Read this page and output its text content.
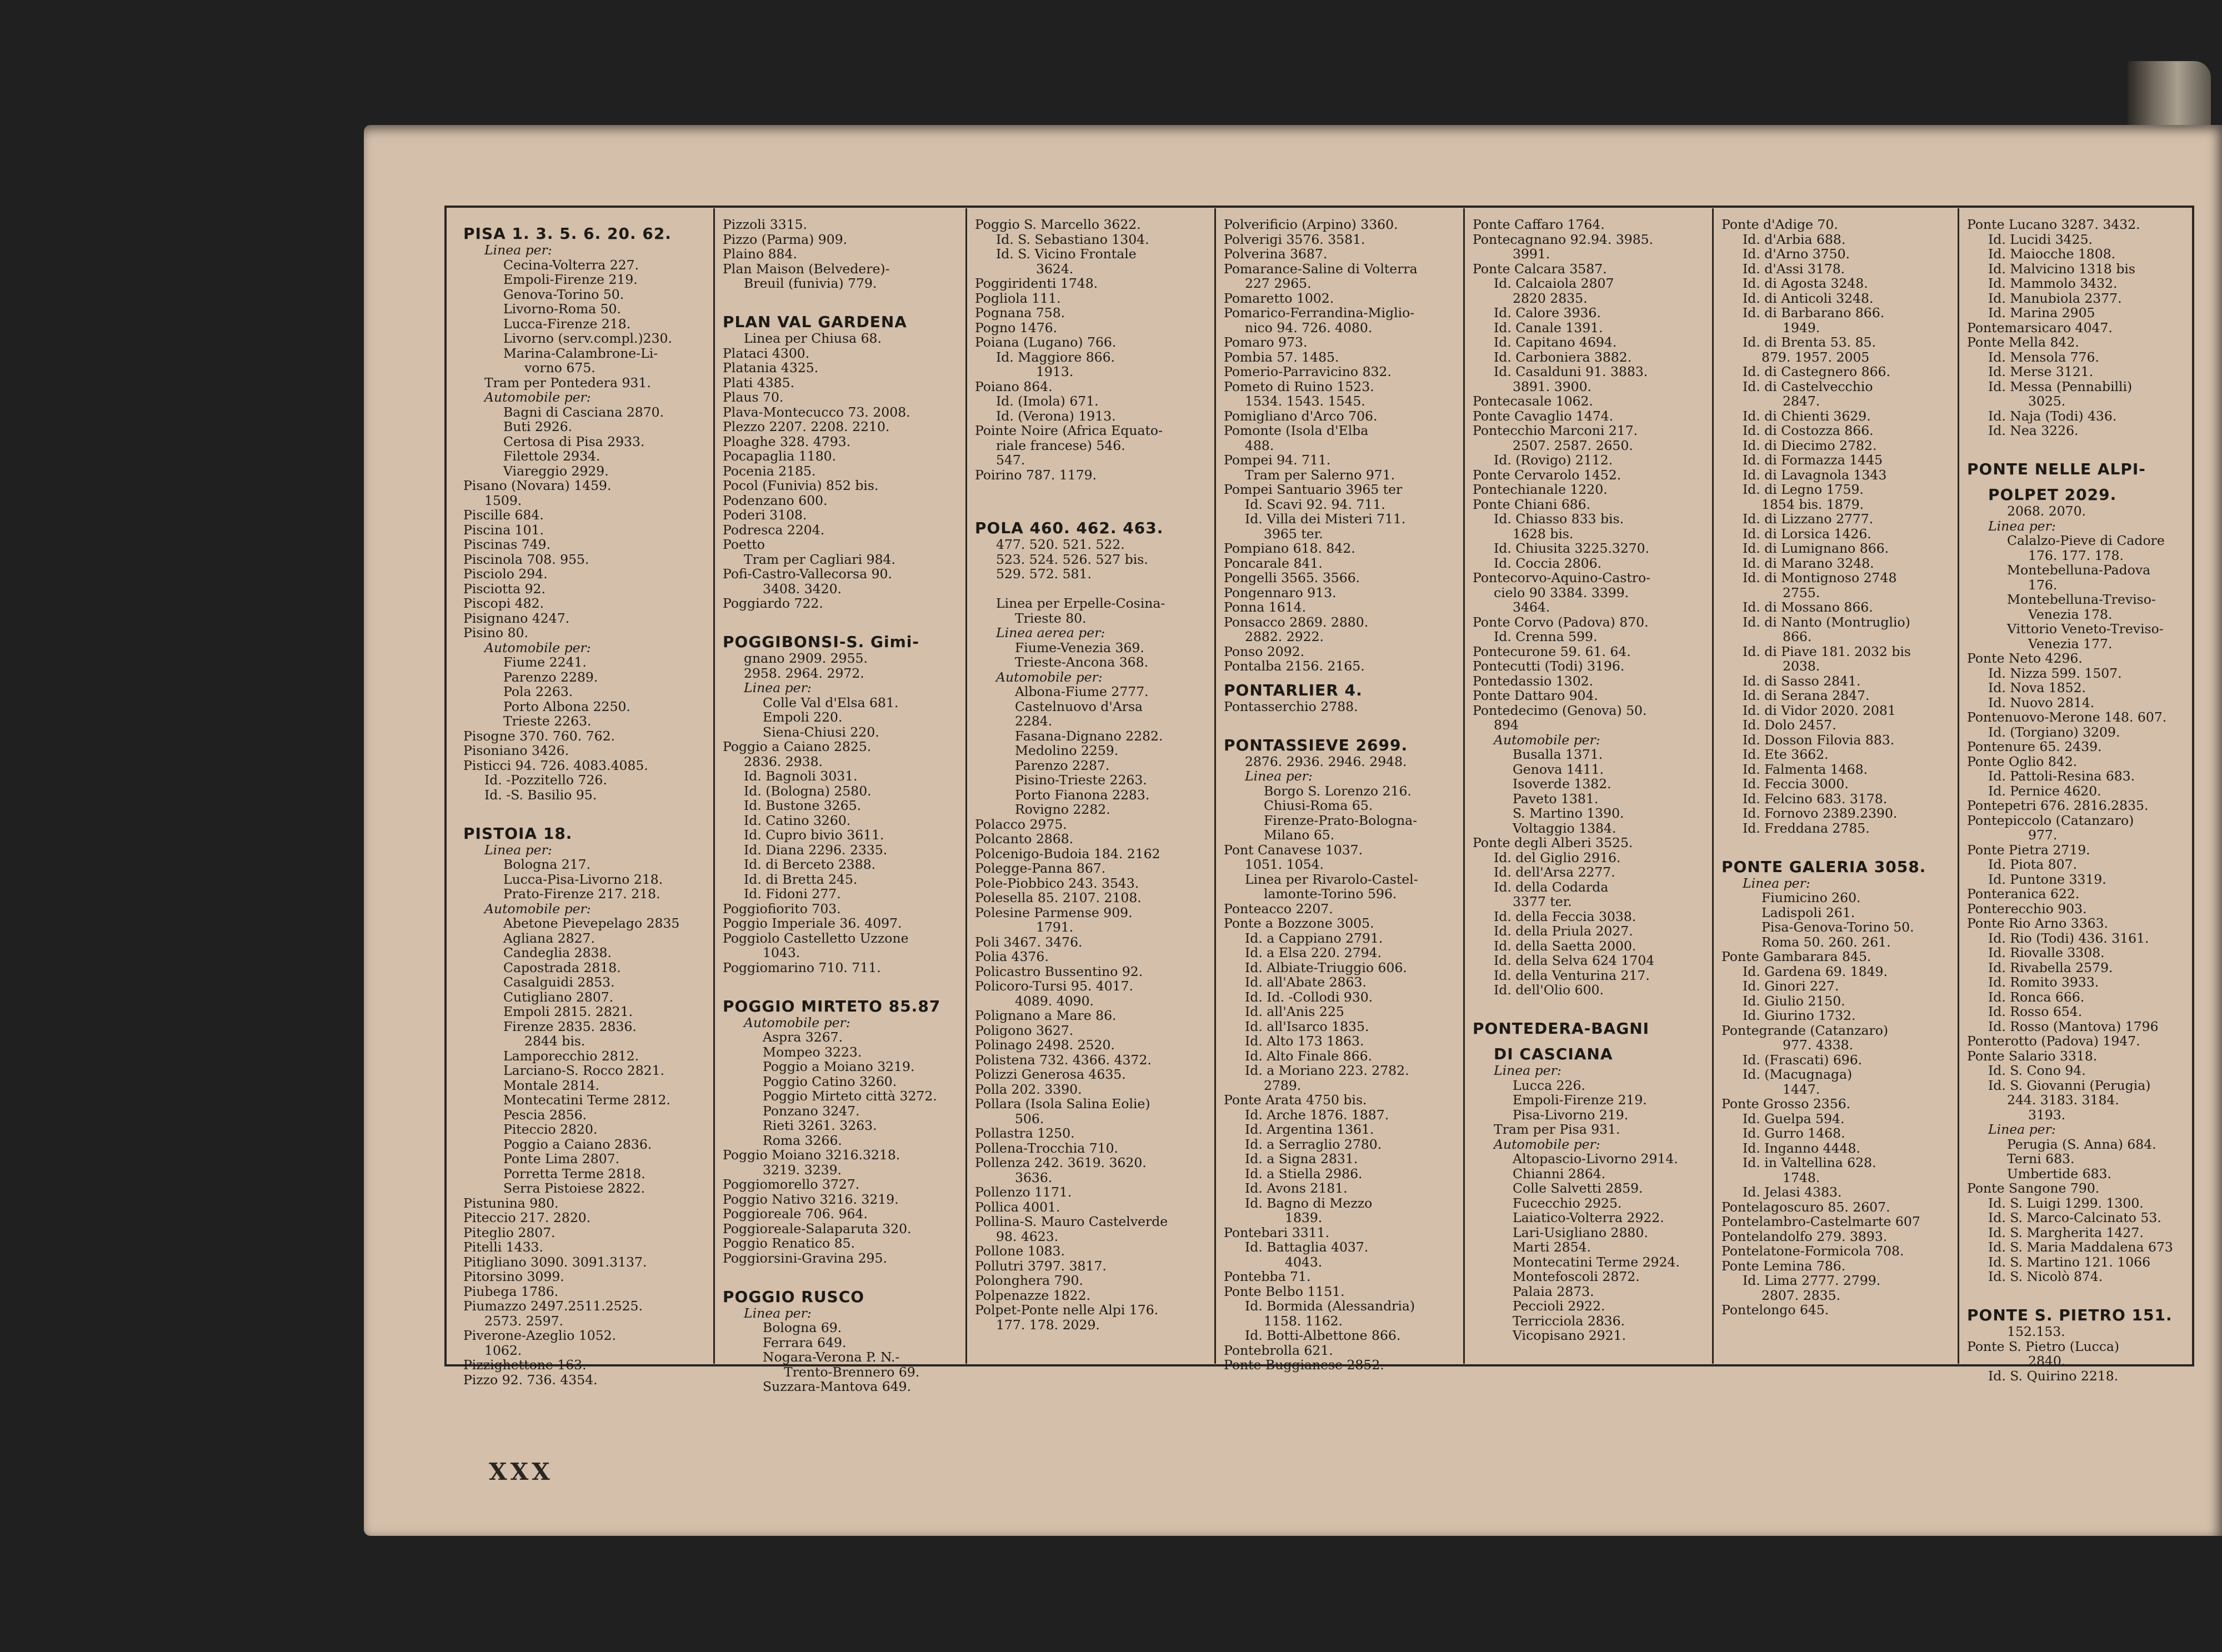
PISA 1. 3. 5. 6. 20. 62.
Linea per:
Cecina-Volterra 227.
Empoli-Firenze 219.
Genova-Torino 50.
Livorno-Roma 50.
Lucca-Firenze 218.
Livorno (serv.compl.)230.
Marina-Calambrone-Li-
vorno 675.
Tram per Pontedera 931.
Automobile per:
Bagni di Casciana 2870.
Buti 2926.
Certosa di Pisa 2933.
Filettole 2934.
Viareggio 2929.
Pisano (Novara) 1459.
1509.
Piscille 684.
Piscina 101.
Piscinas 749.
Piscinola 708. 955.
Pisciolo 294.
Pisciotta 92.
Piscopi 482.
Pisignano 4247.
Pisino 80.
Automobile per:
Fiume 2241.
Parenzo 2289.
Pola 2263.
Porto Albona 2250.
Trieste 2263.
Pisogne 370. 760. 762.
Pisoniano 3426.
Pisticci 94. 726. 4083.4085.
Id. -Pozzitello 726.
Id. -S. Basilio 95.

PISTOIA 18.
Linea per:
Bologna 217.
Lucca-Pisa-Livorno 218.
Prato-Firenze 217. 218.
Automobile per:
Abetone Pievepelago 2835
Agliana 2827.
Candeglia 2838.
Capostrada 2818.
Casalguidi 2853.
Cutigliano 2807.
Empoli 2815. 2821.
Firenze 2835. 2836.
2844 bis.
Lamporecchio 2812.
Larciano-S. Rocco 2821.
Montale 2814.
Montecatini Terme 2812.
Pescia 2856.
Piteccio 2820.
Poggio a Caiano 2836.
Ponte Lima 2807.
Porretta Terme 2818.
Serra Pistoiese 2822.
Pistunina 980.
Piteccio 217. 2820.
Piteglio 2807.
Pitelli 1433.
Pitigliano 3090. 3091.3137.
Pitorsino 3099.
Piubega 1786.
Piumazzo 2497.2511.2525.
2573. 2597.
Piverone-Azeglio 1052.
1062.
Pizzighettone 163.
Pizzo 92. 736. 4354.
Pizzoli 3315.
Pizzo (Parma) 909.
Plaino 884.
Plan Maison (Belvedere)-
Breuil (funivia) 779.

PLAN VAL GARDENA
Linea per Chiusa 68.
Plataci 4300.
Platania 4325.
Plati 4385.
Plaus 70.
Plava-Montecucco 73. 2008.
Plezzo 2207. 2208. 2210.
Ploaghe 328. 4793.
Pocapaglia 1180.
Pocenia 2185.
Pocol (Funivia) 852 bis.
Podenzano 600.
Poderi 3108.
Podresca 2204.
Poetto
Tram per Cagliari 984.
Pofi-Castro-Vallecorsa 90.
3408. 3420.
Poggiardo 722.

POGGIBONSI-S. Gimi-
gnano 2909. 2955.
2958. 2964. 2972.
Linea per:
Colle Val d'Elsa 681.
Empoli 220.
Siena-Chiusi 220.
Poggio a Caiano 2825.
2836. 2938.
Id. Bagnoli 3031.
Id. (Bologna) 2580.
Id. Bustone 3265.
Id. Catino 3260.
Id. Cupro bivio 3611.
Id. Diana 2296. 2335.
Id. di Berceto 2388.
Id. di Bretta 245.
Id. Fidoni 277.
Poggiofiorito 703.
Poggio Imperiale 36. 4097.
Poggiolo Castelletto Uzzone
1043.
Poggiomarino 710. 711.

POGGIO MIRTETO 85.87
Automobile per:
Aspra 3267.
Mompeo 3223.
Poggio a Moiano 3219.
Poggio Catino 3260.
Poggio Mirteto città 3272.
Ponzano 3247.
Rieti 3261. 3263.
Roma 3266.
Poggio Moiano 3216.3218.
3219. 3239.
Poggiomorello 3727.
Poggio Nativo 3216. 3219.
Poggioreale 706. 964.
Poggioreale-Salaparuta 320.
Poggio Renatico 85.
Poggiorsini-Gravina 295.

POGGIO RUSCO
Linea per:
Bologna 69.
Ferrara 649.
Nogara-Verona P. N.-
Trento-Brennero 69.
Suzzara-Mantova 649.
Poggio S. Marcello 3622.
Id. S. Sebastiano 1304.
Id. S. Vicino Frontale
3624.
Poggiridenti 1748.
Pogliola 111.
Pognana 758.
Pogno 1476.
Poiana (Lugano) 766.
Id. Maggiore 866.
1913.
Poiano 864.
Id. (Imola) 671.
Id. (Verona) 1913.
Pointe Noire (Africa Equato-
riale francese) 546.
547.
Poirino 787. 1179.

POLA 460. 462. 463.
477. 520. 521. 522.
523. 524. 526. 527 bis.
529. 572. 581.

Linea per Erpelle-Cosina-
Trieste 80.
Linea aerea per:
Fiume-Venezia 369.
Trieste-Ancona 368.
Automobile per:
Albona-Fiume 2777.
Castelnuovo d'Arsa
2284.
Fasana-Dignano 2282.
Medolino 2259.
Parenzo 2287.
Pisino-Trieste 2263.
Porto Fianona 2283.
Rovigno 2282.
Polacco 2975.
Polcanto 2868.
Polcenigo-Budoia 184. 2162
Polegge-Panna 867.
Pole-Piobbico 243. 3543.
Polesella 85. 2107. 2108.
Polesine Parmense 909.
1791.
Poli 3467. 3476.
Polia 4376.
Policastro Bussentino 92.
Policoro-Tursi 95. 4017.
4089. 4090.
Polignano a Mare 86.
Poligono 3627.
Polinago 2498. 2520.
Polistena 732. 4366. 4372.
Polizzi Generosa 4635.
Polla 202. 3390.
Pollara (Isola Salina Eolie)
506.
Pollastra 1250.
Pollena-Trocchia 710.
Pollenza 242. 3619. 3620.
3636.
Pollenzo 1171.
Pollica 4001.
Pollina-S. Mauro Castelverde
98. 4623.
Pollone 1083.
Pollutri 3797. 3817.
Polonghera 790.
Polpenazze 1822.
Polpet-Ponte nelle Alpi 176.
177. 178. 2029.
Polverificio (Arpino) 3360.
Polverigi 3576. 3581.
Polverina 3687.
Pomarance-Saline di Volterra
227 2965.
Pomaretto 1002.
Pomarico-Ferrandina-Miglio-
nico 94. 726. 4080.
Pomaro 973.
Pombia 57. 1485.
Pomerio-Parravicino 832.
Pometo di Ruino 1523.
1534. 1543. 1545.
Pomigliano d'Arco 706.
Pomonte (Isola d'Elba
488.
Pompei 94. 711.
Tram per Salerno 971.
Pompei Santuario 3965 ter
Id. Scavi 92. 94. 711.
Id. Villa dei Misteri 711.
3965 ter.
Pompiano 618. 842.
Poncarale 841.
Pongelli 3565. 3566.
Pongennaro 913.
Ponna 1614.
Ponsacco 2869. 2880.
2882. 2922.
Ponso 2092.
Pontalba 2156. 2165.
PONTARLIER 4.
Pontasserchio 2788.

PONTASSIEVE 2699.
2876. 2936. 2946. 2948.
Linea per:
Borgo S. Lorenzo 216.
Chiusi-Roma 65.
Firenze-Prato-Bologna-
Milano 65.
Pont Canavese 1037.
1051. 1054.
Linea per Rivarolo-Castel-
lamonte-Torino 596.
Ponteacco 2207.
Ponte a Bozzone 3005.
Id. a Cappiano 2791.
Id. a Elsa 220. 2794.
Id. Albiate-Triuggio 606.
Id. all'Abate 2863.
Id. Id. -Collodi 930.
Id. all'Anis 225
Id. all'Isarco 1835.
Id. Alto 173 1863.
Id. Alto Finale 866.
Id. a Moriano 223. 2782.
2789.
Ponte Arata 4750 bis.
Id. Arche 1876. 1887.
Id. Argentina 1361.
Id. a Serraglio 2780.
Id. a Signa 2831.
Id. a Stiella 2986.
Id. Avons 2181.
Id. Bagno di Mezzo
1839.
Pontebari 3311.
Id. Battaglia 4037.
4043.
Pontebba 71.
Ponte Belbo 1151.
Id. Bormida (Alessandria)
1158. 1162.
Id. Botti-Albettone 866.
Pontebrolla 621.
Ponte Buggianese 2852.
Ponte Caffaro 1764.
Pontecagnano 92.94. 3985.
3991.
Ponte Calcara 3587.
Id. Calcaiola 2807
2820 2835.
Id. Calore 3936.
Id. Canale 1391.
Id. Capitano 4694.
Id. Carboniera 3882.
Id. Casalduni 91. 3883.
3891. 3900.
Pontecasale 1062.
Ponte Cavaglio 1474.
Pontecchio Marconi 217.
2507. 2587. 2650.
Id. (Rovigo) 2112.
Ponte Cervarolo 1452.
Pontechianale 1220.
Ponte Chiani 686.
Id. Chiasso 833 bis.
1628 bis.
Id. Chiusita 3225.3270.
Id. Coccia 2806.
Pontecorvo-Aquino-Castro-
cielo 90 3384. 3399.
3464.
Ponte Corvo (Padova) 870.
Id. Crenna 599.
Pontecurone 59. 61. 64.
Pontecutti (Todi) 3196.
Pontedassio 1302.
Ponte Dattaro 904.
Pontedecimo (Genova) 50.
894
Automobile per:
Busalla 1371.
Genova 1411.
Isoverde 1382.
Paveto 1381.
S. Martino 1390.
Voltaggio 1384.
Ponte degli Alberi 3525.
Id. del Giglio 2916.
Id. dell'Arsa 2277.
Id. della Codarda
3377 ter.
Id. della Feccia 3038.
Id. della Priula 2027.
Id. della Saetta 2000.
Id. della Selva 624 1704
Id. della Venturina 217.
Id. dell'Olio 600.

PONTEDERA-BAGNI
DI CASCIANA
Linea per:
Lucca 226.
Empoli-Firenze 219.
Pisa-Livorno 219.
Tram per Pisa 931.
Automobile per:
Altopascio-Livorno 2914.
Chianni 2864.
Colle Salvetti 2859.
Fucecchio 2925.
Laiatico-Volterra 2922.
Lari-Usigliano 2880.
Marti 2854.
Montecatini Terme 2924.
Montefoscoli 2872.
Palaia 2873.
Peccioli 2922.
Terricciola 2836.
Vicopisano 2921.
Ponte d'Adige 70.
Id. d'Arbia 688.
Id. d'Arno 3750.
Id. d'Assi 3178.
Id. di Agosta 3248.
Id. di Anticoli 3248.
Id. di Barbarano 866.
1949.
Id. di Brenta 53. 85.
879. 1957. 2005
Id. di Castegnero 866.
Id. di Castelvecchio
2847.
Id. di Chienti 3629.
Id. di Costozza 866.
Id. di Diecimo 2782.
Id. di Formazza 1445
Id. di Lavagnola 1343
Id. di Legno 1759.
1854 bis. 1879.
Id. di Lizzano 2777.
Id. di Lorsica 1426.
Id. di Lumignano 866.
Id. di Marano 3248.
Id. di Montignoso 2748
2755.
Id. di Mossano 866.
Id. di Nanto (Montruglio)
866.
Id. di Piave 181. 2032 bis
2038.
Id. di Sasso 2841.
Id. di Serana 2847.
Id. di Vidor 2020. 2081
Id. Dolo 2457.
Id. Dosson Filovia 883.
Id. Ete 3662.
Id. Falmenta 1468.
Id. Feccia 3000.
Id. Felcino 683. 3178.
Id. Fornovo 2389.2390.
Id. Freddana 2785.

PONTE GALERIA 3058.
Linea per:
Fiumicino 260.
Ladispoli 261.
Pisa-Genova-Torino 50.
Roma 50. 260. 261.
Ponte Gambarara 845.
Id. Gardena 69. 1849.
Id. Ginori 227.
Id. Giulio 2150.
Id. Giurino 1732.
Pontegrande (Catanzaro)
977. 4338.
Id. (Frascati) 696.
Id. (Macugnaga)
1447.
Ponte Grosso 2356.
Id. Guelpa 594.
Id. Gurro 1468.
Id. Inganno 4448.
Id. in Valtellina 628.
1748.
Id. Jelasi 4383.
Pontelagoscuro 85. 2607.
Pontelambro-Castelmarte 607
Pontelandolfo 279. 3893.
Pontelatone-Formicola 708.
Ponte Lemina 786.
Id. Lima 2777. 2799.
2807. 2835.
Pontelongo 645.
Ponte Lucano 3287. 3432.
Id. Lucidi 3425.
Id. Maiocche 1808.
Id. Malvicino 1318 bis
Id. Mammolo 3432.
Id. Manubiola 2377.
Id. Marina 2905
Pontemarsicaro 4047.
Ponte Mella 842.
Id. Mensola 776.
Id. Merse 3121.
Id. Messa (Pennabilli)
3025.
Id. Naja (Todi) 436.
Id. Nea 3226.

PONTE NELLE ALPI-
POLPET 2029.
2068. 2070.
Linea per:
Calalzo-Pieve di Cadore
176. 177. 178.
Montebelluna-Padova
176.
Montebelluna-Treviso-
Venezia 178.
Vittorio Veneto-Treviso-
Venezia 177.
Ponte Neto 4296.
Id. Nizza 599. 1507.
Id. Nova 1852.
Id. Nuovo 2814.
Pontenuovo-Merone 148. 607.
Id. (Torgiano) 3209.
Pontenure 65. 2439.
Ponte Oglio 842.
Id. Pattoli-Resina 683.
Id. Pernice 4620.
Pontepetri 676. 2816.2835.
Pontepiccolo (Catanzaro)
977.
Ponte Pietra 2719.
Id. Piota 807.
Id. Puntone 3319.
Ponteranica 622.
Ponterecchio 903.
Ponte Rio Arno 3363.
Id. Rio (Todi) 436. 3161.
Id. Riovalle 3308.
Id. Rivabella 2579.
Id. Romito 3933.
Id. Ronca 666.
Id. Rosso 654.
Id. Rosso (Mantova) 1796
Ponterotto (Padova) 1947.
Ponte Salario 3318.
Id. S. Cono 94.
Id. S. Giovanni (Perugia)
244. 3183. 3184.
3193.
Linea per:
Perugia (S. Anna) 684.
Terni 683.
Umbertide 683.
Ponte Sangone 790.
Id. S. Luigi 1299. 1300.
Id. S. Marco-Calcinato 53.
Id. S. Margherita 1427.
Id. S. Maria Maddalena 673
Id. S. Martino 121. 1066
Id. S. Nicolò 874.

PONTE S. PIETRO 151.
152.153.
Ponte S. Pietro (Lucca)
2840.
Id. S. Quirino 2218.
XXX
